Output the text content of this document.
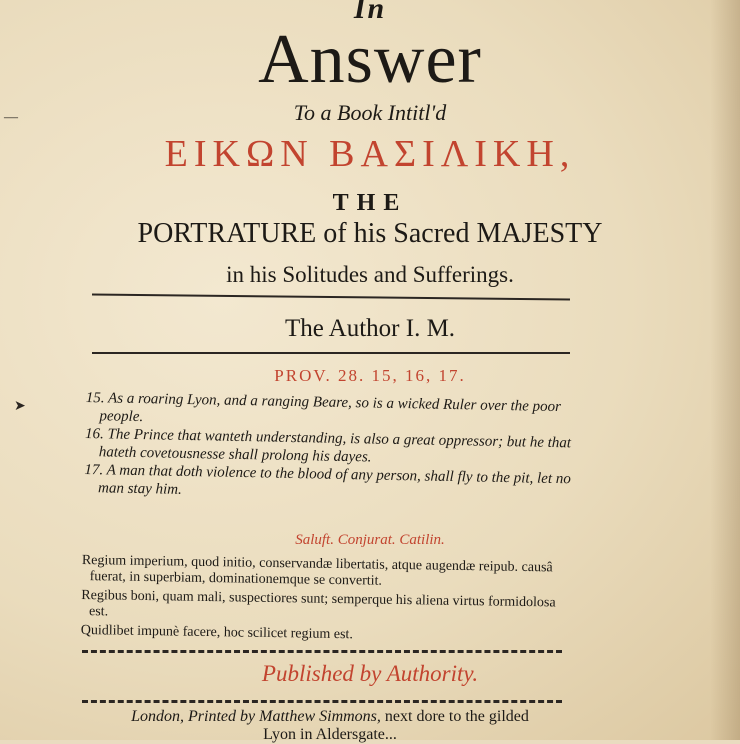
In
Answer
To a Book Intitl'd
ΕΙΚΩΝ ΒΑΣΙΛΙΚΗ,
THE
PORTRATURE of his Sacred MAJESTY
in his Solitudes and Sufferings.
The Author I. M.
PROV. 28. 15, 16, 17.

15. As a roaring Lyon, and a ranging Beare, so is a wicked Ruler over the poor people.

16. The Prince that wanteth understanding, is also a great oppressor; but he that hateth covetousnesse shall prolong his dayes.

17. A man that doth violence to the blood of any person, shall fly to the pit, let no man stay him.

Saluft. Conjurat. Catilin.

Regium imperium, quod initio, conservandæ libertatis, atque augendæ reipub. causâ fuerat, in superbiam, dominationemque se convertit.

Regibus boni, quam mali, suspectiores sunt; semperque his aliena virtus formidolosa est.

Quidlibet impunè facere, hoc scilicet regium est.

Published by Authority.
London, Printed by Matthew Simmons, next dore to the gilded
Lyon in Aldersgate...
—
➤
